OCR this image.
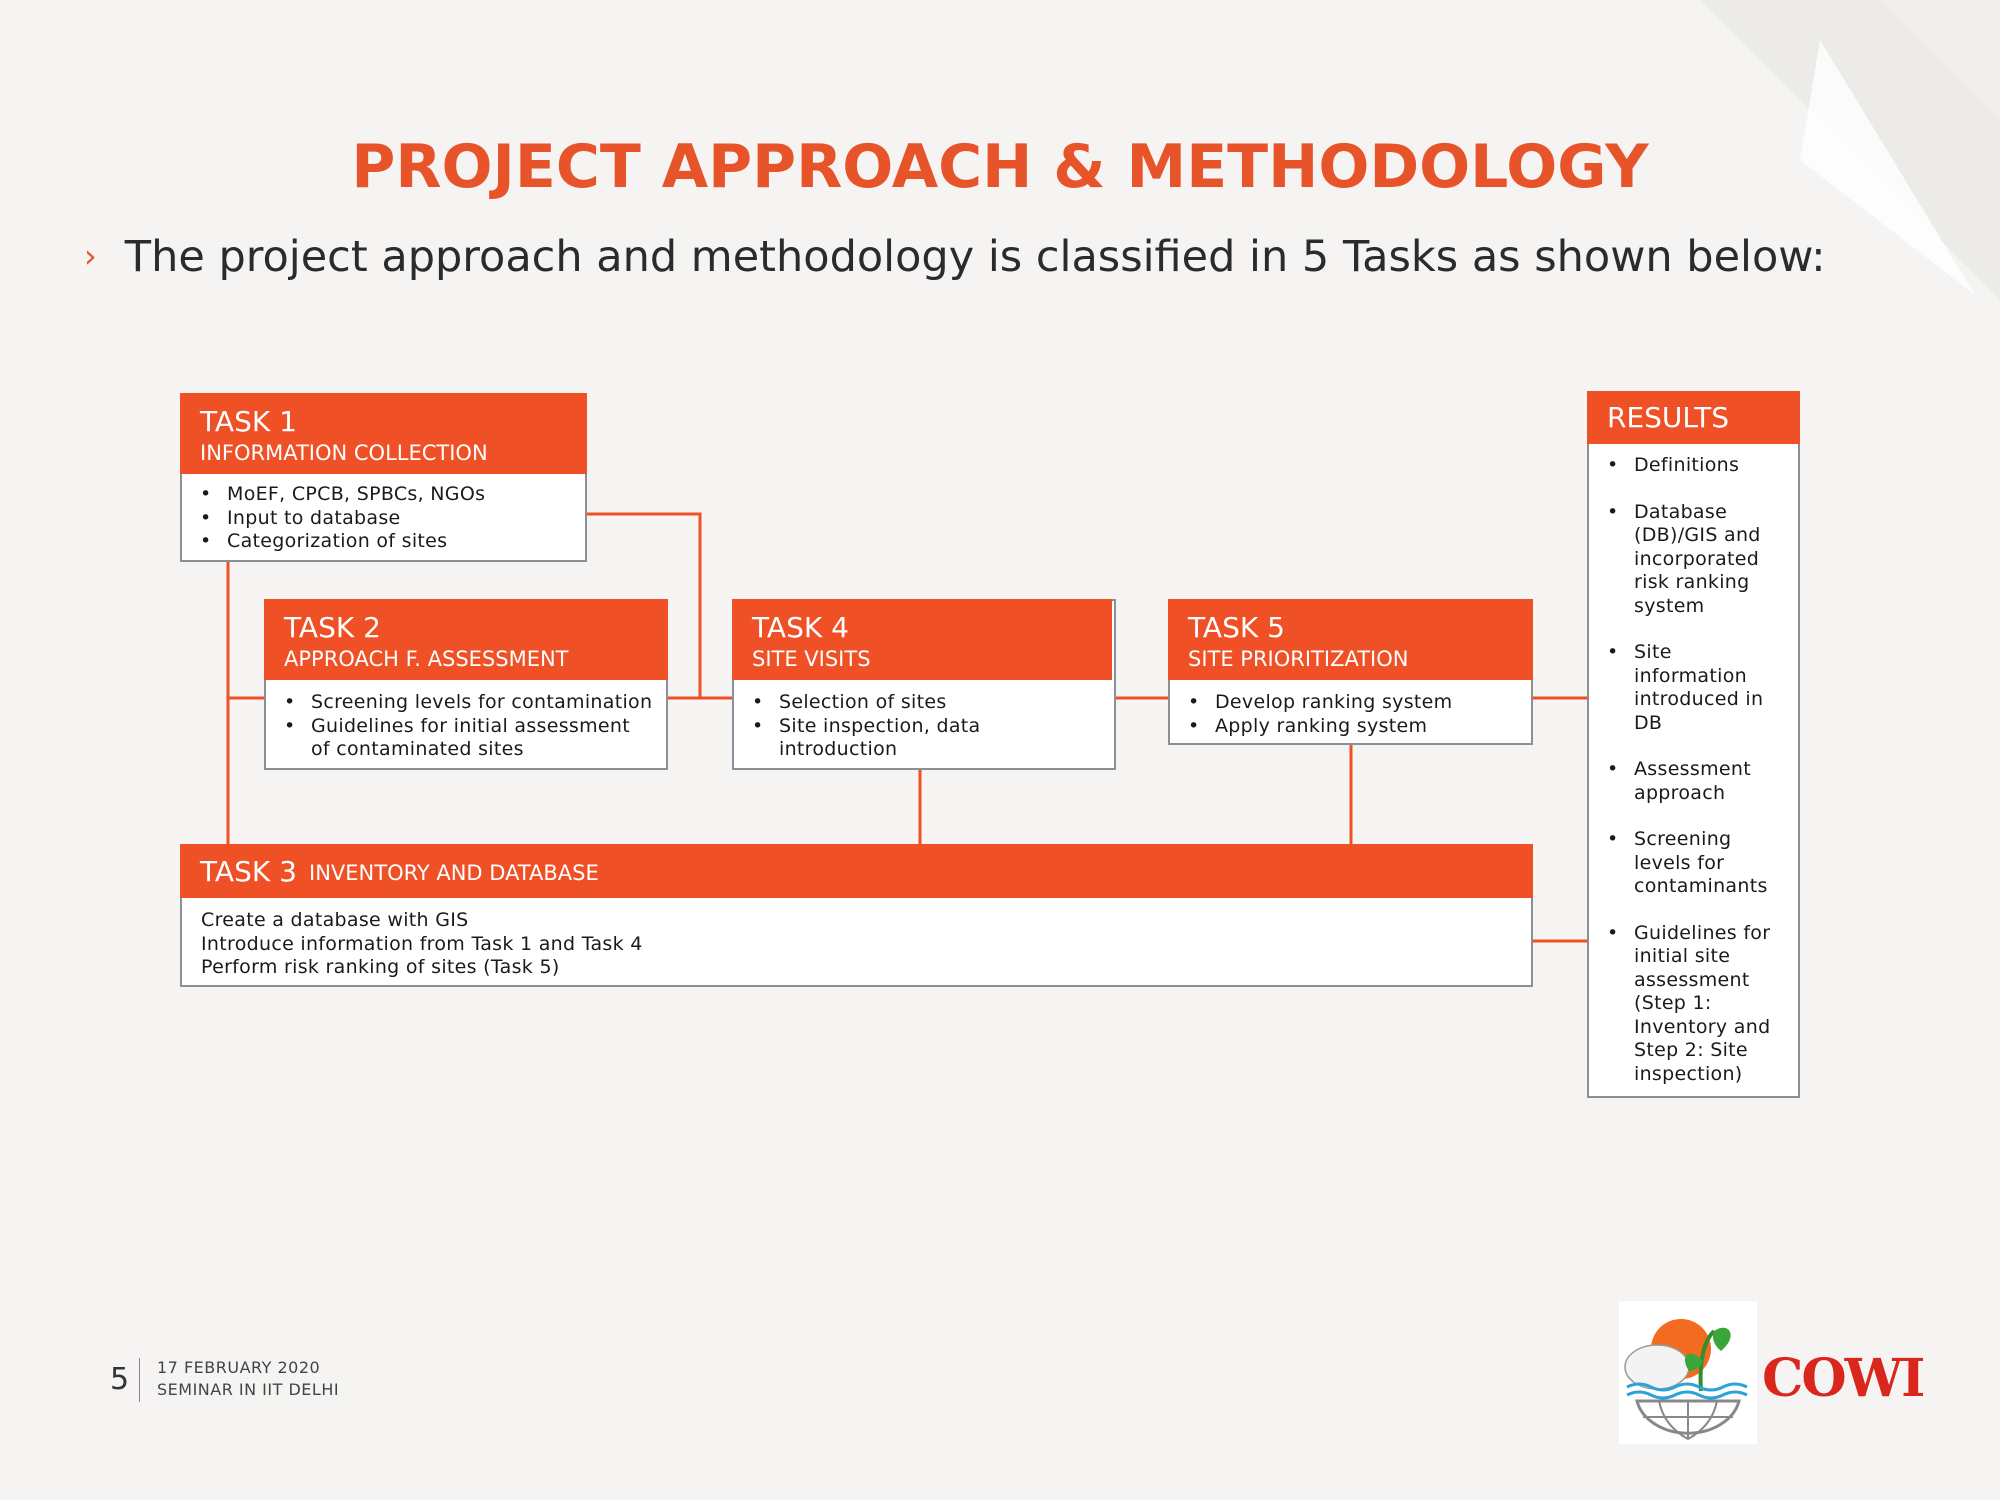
PROJECT APPROACH & METHODOLOGY
› The project approach and methodology is classified in 5 Tasks as shown below:
TASK 1
INFORMATION COLLECTION
• MoEF, CPCB, SPBCs, NGOs
• Input to database
• Categorization of sites
TASK 2
APPROACH F. ASSESSMENT
• Screening levels for contamination
• Guidelines for initial assessment of contaminated sites
TASK 4
SITE VISITS
• Selection of sites
• Site inspection, data introduction
TASK 5
SITE PRIORITIZATION
• Develop ranking system
• Apply ranking system
TASK 3 INVENTORY AND DATABASE
Create a database with GIS
Introduce information from Task 1 and Task 4
Perform risk ranking of sites (Task 5)
RESULTS
• Definitions
• Database (DB)/GIS and incorporated risk ranking system
• Site information introduced in DB
• Assessment approach
• Screening levels for contaminants
• Guidelines for initial site assessment (Step 1: Inventory and Step 2: Site inspection)
5 17 FEBRUARY 2020
SEMINAR IN IIT DELHI	COWI
